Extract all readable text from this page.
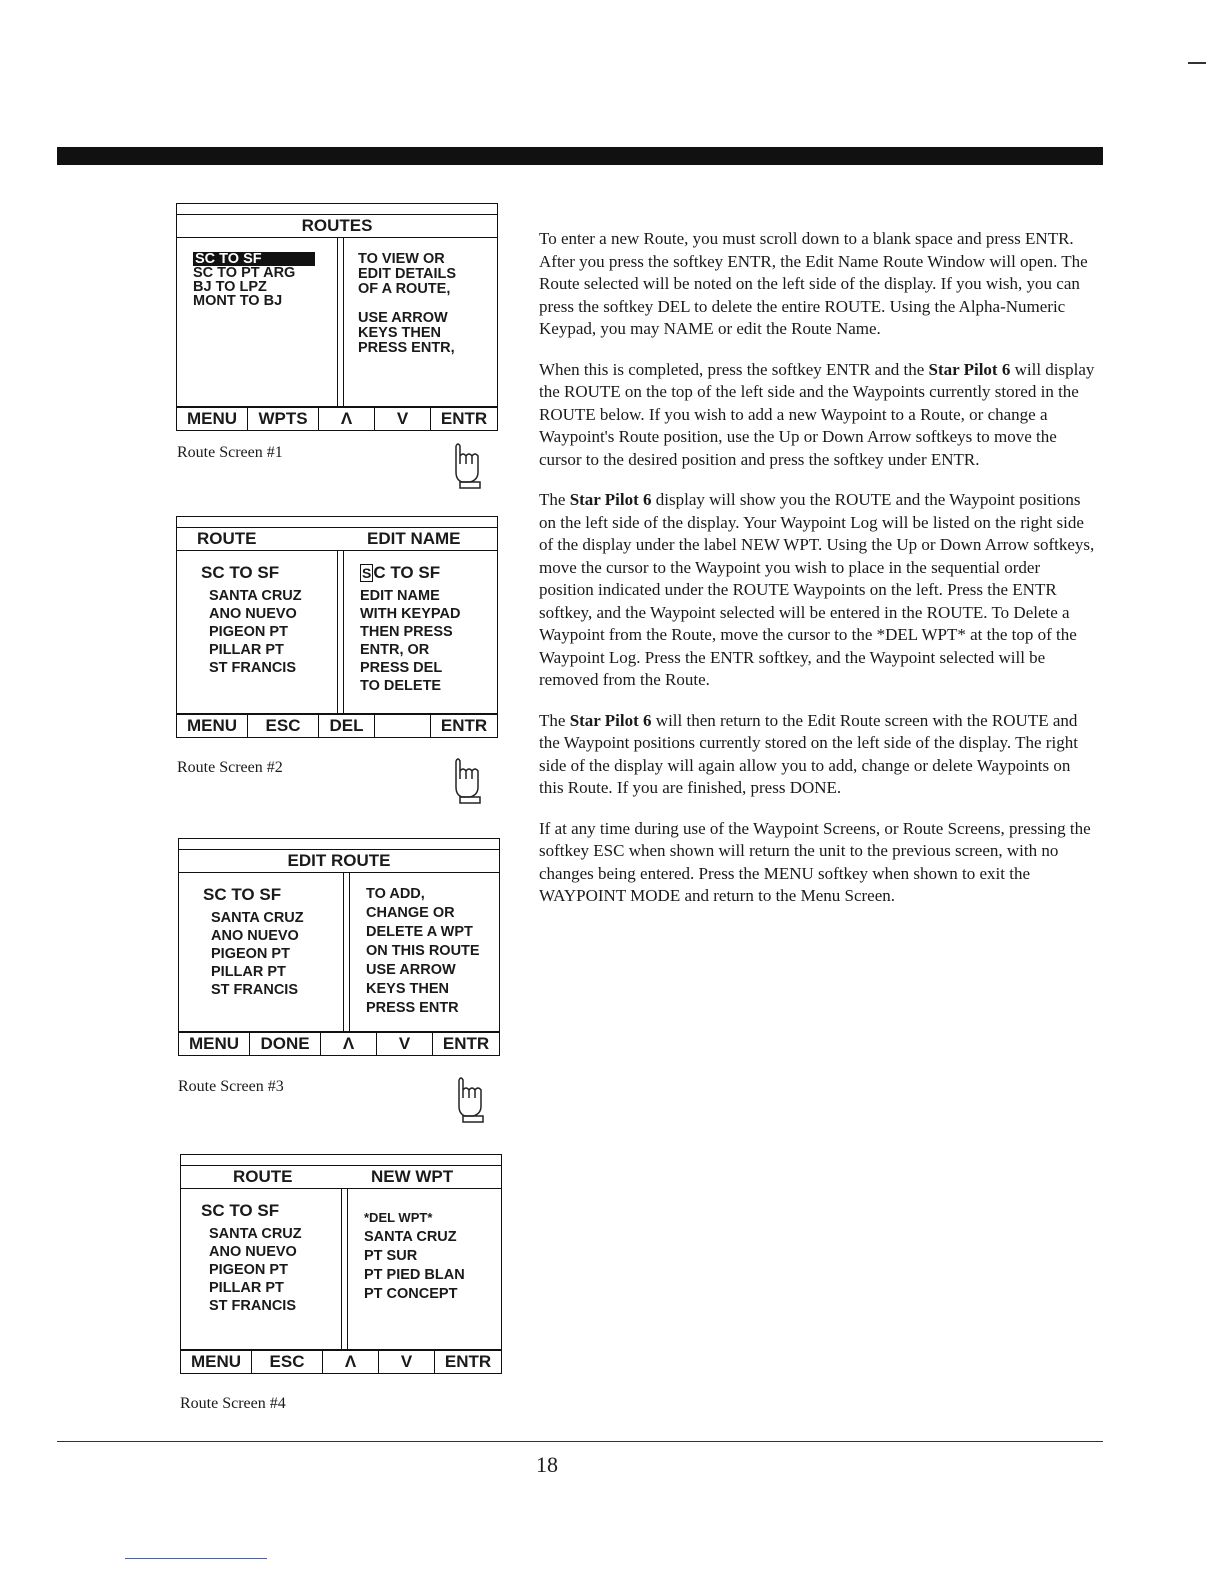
ROUTES
SC TO SF
SC TO PT ARG
BJ TO LPZ
MONT TO BJ
TO VIEW OR
EDIT DETAILS
OF A ROUTE,
USE ARROW
KEYS THEN
PRESS ENTR,
MENU	WPTS	Λ	V	ENTR
Route Screen #1
ROUTE	EDIT NAME
SC TO SF
SANTA CRUZ
ANO NUEVO
PIGEON PT
PILLAR PT
ST FRANCIS
S C TO SF
EDIT NAME
WITH KEYPAD
THEN PRESS
ENTR, OR
PRESS DEL
TO DELETE
MENU	ESC	DEL	ENTR
Route Screen #2
EDIT ROUTE
SC TO SF
SANTA CRUZ
ANO NUEVO
PIGEON PT
PILLAR PT
ST FRANCIS
TO ADD,
CHANGE OR
DELETE A WPT
ON THIS ROUTE
USE ARROW
KEYS THEN
PRESS ENTR
MENU	DONE	Λ	V	ENTR
Route Screen #3
ROUTE	NEW WPT
SC TO SF
SANTA CRUZ
ANO NUEVO
PIGEON PT
PILLAR PT
ST FRANCIS
*DEL WPT*
SANTA CRUZ
PT SUR
PT PIED BLAN
PT CONCEPT
MENU	ESC	Λ	V	ENTR
Route Screen #4

To enter a new Route, you must scroll down to a blank space and press ENTR. After you press the softkey ENTR, the Edit Name Route Window will open. The Route selected will be noted on the left side of the display. If you wish, you can press the softkey DEL to delete the entire ROUTE. Using the Alpha-Numeric Keypad, you may NAME or edit the Route Name.

When this is completed, press the softkey ENTR and the Star Pilot 6 will display the ROUTE on the top of the left side and the Waypoints currently stored in the ROUTE below. If you wish to add a new Waypoint to a Route, or change a Waypoint's Route position, use the Up or Down Arrow softkeys to move the cursor to the desired position and press the softkey under ENTR.

The Star Pilot 6 display will show you the ROUTE and the Waypoint positions on the left side of the display. Your Waypoint Log will be listed on the right side of the display under the label NEW WPT. Using the Up or Down Arrow softkeys, move the cursor to the Waypoint you wish to place in the sequential order position indicated under the ROUTE Waypoints on the left. Press the ENTR softkey, and the Waypoint selected will be entered in the ROUTE. To Delete a Waypoint from the Route, move the cursor to the *DEL WPT* at the top of the Waypoint Log. Press the ENTR softkey, and the Waypoint selected will be removed from the Route.

The Star Pilot 6 will then return to the Edit Route screen with the ROUTE and the Waypoint positions currently stored on the left side of the display. The right side of the display will again allow you to add, change or delete Waypoints on this Route. If you are finished, press DONE.

If at any time during use of the Waypoint Screens, or Route Screens, pressing the softkey ESC when shown will return the unit to the previous screen, with no changes being entered. Press the MENU softkey when shown to exit the WAYPOINT MODE and return to the Menu Screen.

18
